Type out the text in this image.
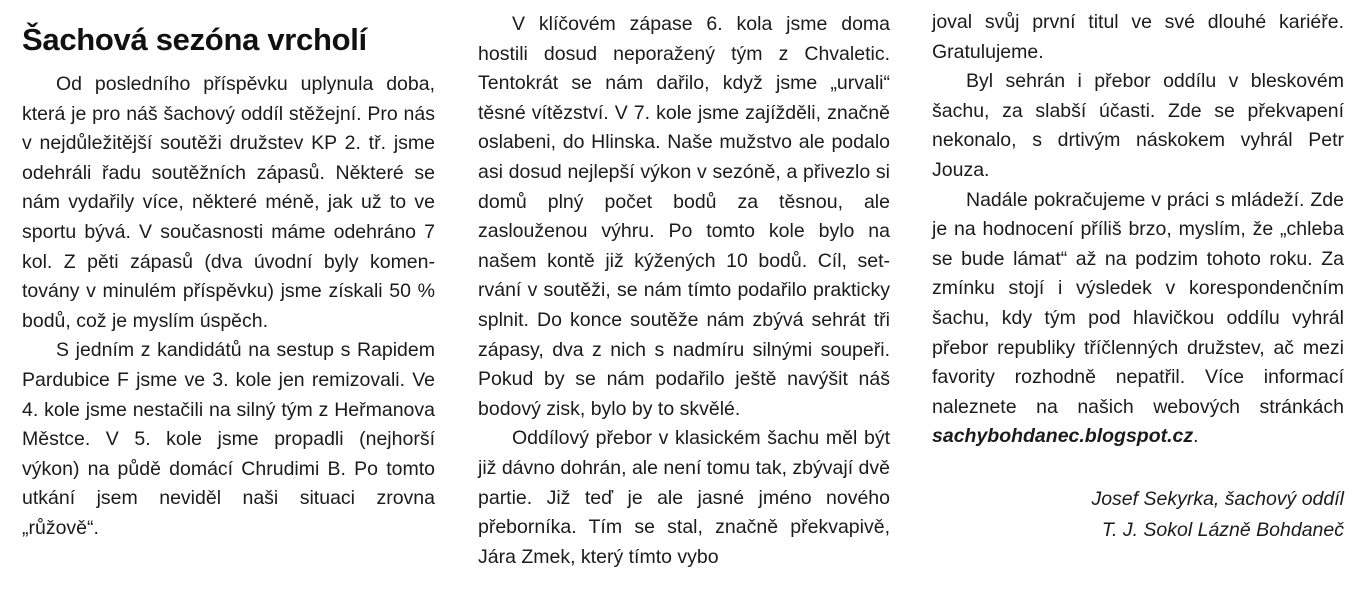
Šachová sezóna vrcholí

Od posledního příspěvku uplynula doba, která je pro náš šachový oddíl stěžejní. Pro nás v nejdůležitější soutěži družstev KP 2. tř. jsme odehráli řadu soutěžních zápasů. Některé se nám vydařily více, některé méně, jak už to ve sportu bývá. V současnosti máme odehráno 7 kol. Z pěti zápasů (dva úvodní byly komentovány v minulém příspěvku) jsme získali 50 % bodů, což je myslím úspěch.

S jedním z kandidátů na sestup s Rapidem Pardubice F jsme ve 3. kole jen remizovali. Ve 4. kole jsme nestačili na silný tým z Heřmanova Městce. V 5. kole jsme propadli (nejhorší výkon) na půdě domácí Chrudimi B. Po tomto utkání jsem neviděl naši situaci zrovna „růžově“.

V klíčovém zápase 6. kola jsme doma hostili dosud neporažený tým z Chvaletic. Tentokrát se nám dařilo, když jsme „urvali“ těsné vítězství. V 7. kole jsme zajížděli, značně oslabeni, do Hlinska. Naše mužstvo ale podalo asi dosud nejlepší výkon v sezóně, a přivezlo si domů plný počet bodů za těsnou, ale zaslouženou výhru. Po tomto kole bylo na našem kontě již kýžených 10 bodů. Cíl, setrvání v soutěži, se nám tímto podařilo prakticky splnit. Do konce soutěže nám zbývá sehrát tři zápasy, dva z nich s nadmíru silnými soupeři. Pokud by se nám podařilo ještě navýšit náš bodový zisk, bylo by to skvělé.

Oddílový přebor v klasickém šachu měl být již dávno dohrán, ale není tomu tak, zbývají dvě partie. Již teď je ale jasné jméno nového přeborníka. Tím se stal, značně překvapivě, Jára Zmek, který tímto vybo

joval svůj první titul ve své dlouhé kariéře. Gratulujeme.

Byl sehrán i přebor oddílu v bleskovém šachu, za slabší účasti. Zde se překvapení nekonalo, s drtivým náskokem vyhrál Petr Jouza.

Nadále pokračujeme v práci s mládeží. Zde je na hodnocení příliš brzo, myslím, že „chleba se bude lámat“ až na podzim tohoto roku. Za zmínku stojí i výsledek v korespondenčním šachu, kdy tým pod hlavičkou oddílu vyhrál přebor republiky tříčlenných družstev, ač mezi favority rozhodně nepatřil. Více informací naleznete na našich webových stránkách sachybohdanec.blogspot.cz.

Josef Sekyrka, šachový oddíl
T. J. Sokol Lázně Bohdaneč
